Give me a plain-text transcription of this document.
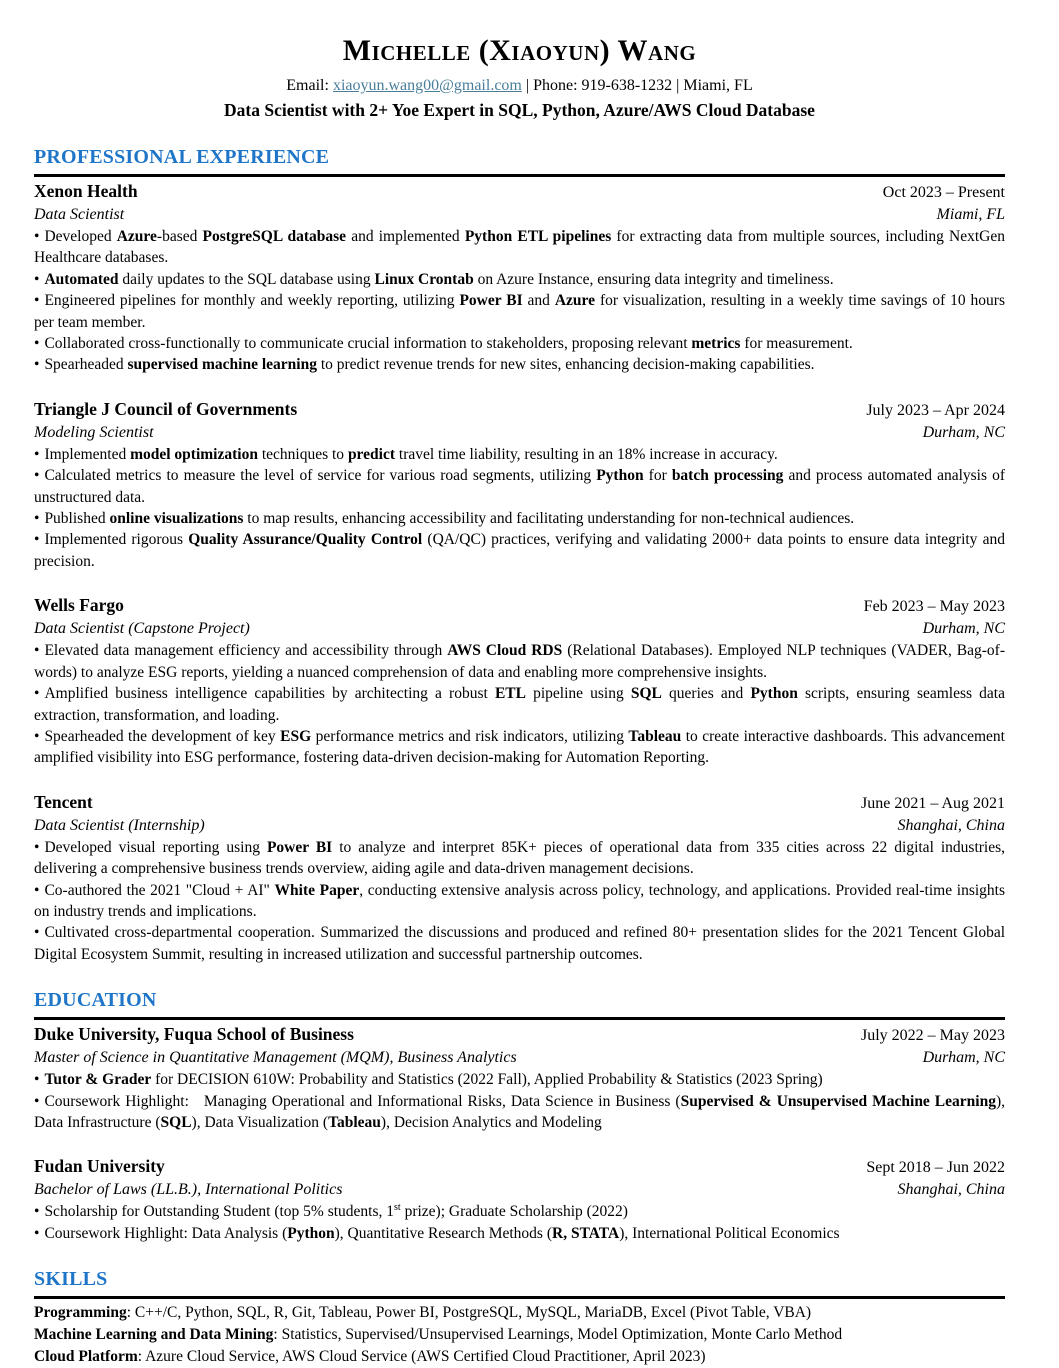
Michelle (Xiaoyun) Wang

Email: xiaoyun.wang00@gmail.com | Phone: 919-638-1232 | Miami, FL

Data Scientist with 2+ Yoe Expert in SQL, Python, Azure/AWS Cloud Database

PROFESSIONAL EXPERIENCE
Xenon Health	Oct 2023 – Present
Data Scientist	Miami, FL
• Developed Azure-based PostgreSQL database and implemented Python ETL pipelines for extracting data from multiple sources, including NextGen Healthcare databases.
• Automated daily updates to the SQL database using Linux Crontab on Azure Instance, ensuring data integrity and timeliness.
• Engineered pipelines for monthly and weekly reporting, utilizing Power BI and Azure for visualization, resulting in a weekly time savings of 10 hours per team member.
• Collaborated cross-functionally to communicate crucial information to stakeholders, proposing relevant metrics for measurement.
• Spearheaded supervised machine learning to predict revenue trends for new sites, enhancing decision-making capabilities.
Triangle J Council of Governments	July 2023 – Apr 2024
Modeling Scientist	Durham, NC
• Implemented model optimization techniques to predict travel time liability, resulting in an 18% increase in accuracy.
• Calculated metrics to measure the level of service for various road segments, utilizing Python for batch processing and process automated analysis of unstructured data.
• Published online visualizations to map results, enhancing accessibility and facilitating understanding for non-technical audiences.
• Implemented rigorous Quality Assurance/Quality Control (QA/QC) practices, verifying and validating 2000+ data points to ensure data integrity and precision.
Wells Fargo	Feb 2023 – May 2023
Data Scientist (Capstone Project)	Durham, NC
• Elevated data management efficiency and accessibility through AWS Cloud RDS (Relational Databases). Employed NLP techniques (VADER, Bag-of-words) to analyze ESG reports, yielding a nuanced comprehension of data and enabling more comprehensive insights.
• Amplified business intelligence capabilities by architecting a robust ETL pipeline using SQL queries and Python scripts, ensuring seamless data extraction, transformation, and loading.
• Spearheaded the development of key ESG performance metrics and risk indicators, utilizing Tableau to create interactive dashboards. This advancement amplified visibility into ESG performance, fostering data-driven decision-making for Automation Reporting.
Tencent	June 2021 – Aug 2021
Data Scientist (Internship)	Shanghai, China
• Developed visual reporting using Power BI to analyze and interpret 85K+ pieces of operational data from 335 cities across 22 digital industries, delivering a comprehensive business trends overview, aiding agile and data-driven management decisions.
• Co-authored the 2021 "Cloud + AI" White Paper, conducting extensive analysis across policy, technology, and applications. Provided real-time insights on industry trends and implications.
• Cultivated cross-departmental cooperation. Summarized the discussions and produced and refined 80+ presentation slides for the 2021 Tencent Global Digital Ecosystem Summit, resulting in increased utilization and successful partnership outcomes.
EDUCATION
Duke University, Fuqua School of Business	July 2022 – May 2023
Master of Science in Quantitative Management (MQM), Business Analytics	Durham, NC
• Tutor & Grader for DECISION 610W: Probability and Statistics (2022 Fall), Applied Probability & Statistics (2023 Spring)
• Coursework Highlight:   Managing Operational and Informational Risks, Data Science in Business (Supervised & Unsupervised Machine Learning), Data Infrastructure (SQL), Data Visualization (Tableau), Decision Analytics and Modeling
Fudan University	Sept 2018 – Jun 2022
Bachelor of Laws (LL.B.), International Politics	Shanghai, China
• Scholarship for Outstanding Student (top 5% students, 1st prize); Graduate Scholarship (2022)
• Coursework Highlight: Data Analysis (Python), Quantitative Research Methods (R, STATA), International Political Economics
SKILLS

Programming: C++/C, Python, SQL, R, Git, Tableau, Power BI, PostgreSQL, MySQL, MariaDB, Excel (Pivot Table, VBA)

Machine Learning and Data Mining: Statistics, Supervised/Unsupervised Learnings, Model Optimization, Monte Carlo Method

Cloud Platform: Azure Cloud Service, AWS Cloud Service (AWS Certified Cloud Practitioner, April 2023)
